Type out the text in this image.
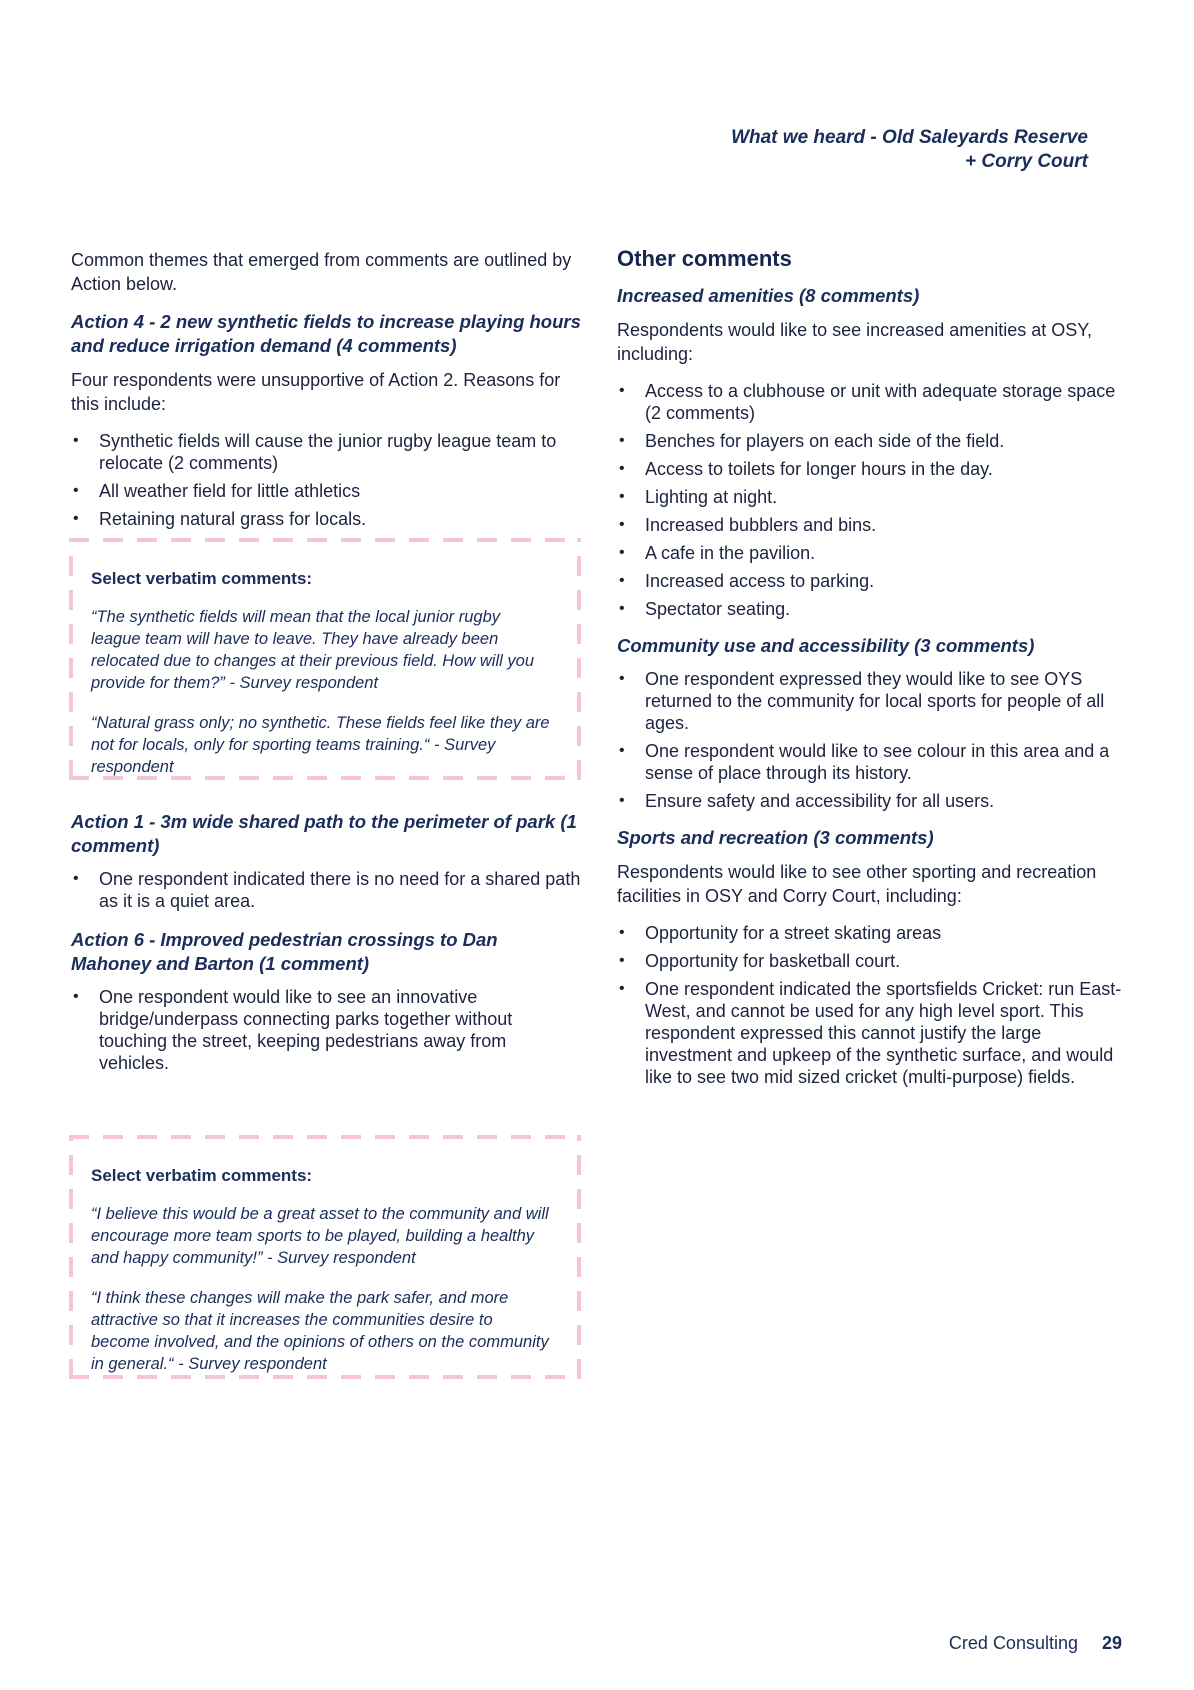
What we heard - Old Saleyards Reserve
+ Corry Court

Common themes that emerged from comments are outlined by Action below.

Action 4 - 2 new synthetic fields to increase playing hours and reduce irrigation demand (4 comments)

Four respondents were unsupportive of Action 2. Reasons for this include:

• Synthetic fields will cause the junior rugby league team to relocate (2 comments)
• All weather field for little athletics
• Retaining natural grass for locals.
Select verbatim comments:
“The synthetic fields will mean that the local junior rugby league team will have to leave. They have already been relocated due to changes at their previous field. How will you provide for them?” - Survey respondent
“Natural grass only; no synthetic. These fields feel like they are not for locals, only for sporting teams training.“ - Survey respondent
Action 1 - 3m wide shared path to the perimeter of park (1 comment)
• One respondent indicated there is no need for a shared path as it is a quiet area.
Action 6 - Improved pedestrian crossings to Dan Mahoney and Barton (1 comment)
• One respondent would like to see an innovative bridge/underpass connecting parks together without touching the street, keeping pedestrians away from vehicles.
Select verbatim comments:
“I believe this would be a great asset to the community and will encourage more team sports to be played, building a healthy and happy community!” - Survey respondent
“I think these changes will make the park safer, and more attractive so that it increases the communities desire to become involved, and the opinions of others on the community in general.“ - Survey respondent
Other comments
Increased amenities (8 comments)

Respondents would like to see increased amenities at OSY, including:

• Access to a clubhouse or unit with adequate storage space (2 comments)
• Benches for players on each side of the field.
• Access to toilets for longer hours in the day.
• Lighting at night.
• Increased bubblers and bins.
• A cafe in the pavilion.
• Increased access to parking.
• Spectator seating.
Community use and accessibility (3 comments)
• One respondent expressed they would like to see OYS returned to the community for local sports for people of all ages.
• One respondent would like to see colour in this area and a sense of place through its history.
• Ensure safety and accessibility for all users.
Sports and recreation (3 comments)

Respondents would like to see other sporting and recreation facilities in OSY and Corry Court, including:

• Opportunity for a street skating areas
• Opportunity for basketball court.
• One respondent indicated the sportsfields Cricket: run East-West, and cannot be used for any high level sport. This respondent expressed this cannot justify the large investment and upkeep of the synthetic surface, and would like to see two mid sized cricket (multi-purpose) fields.
Cred Consulting 29
